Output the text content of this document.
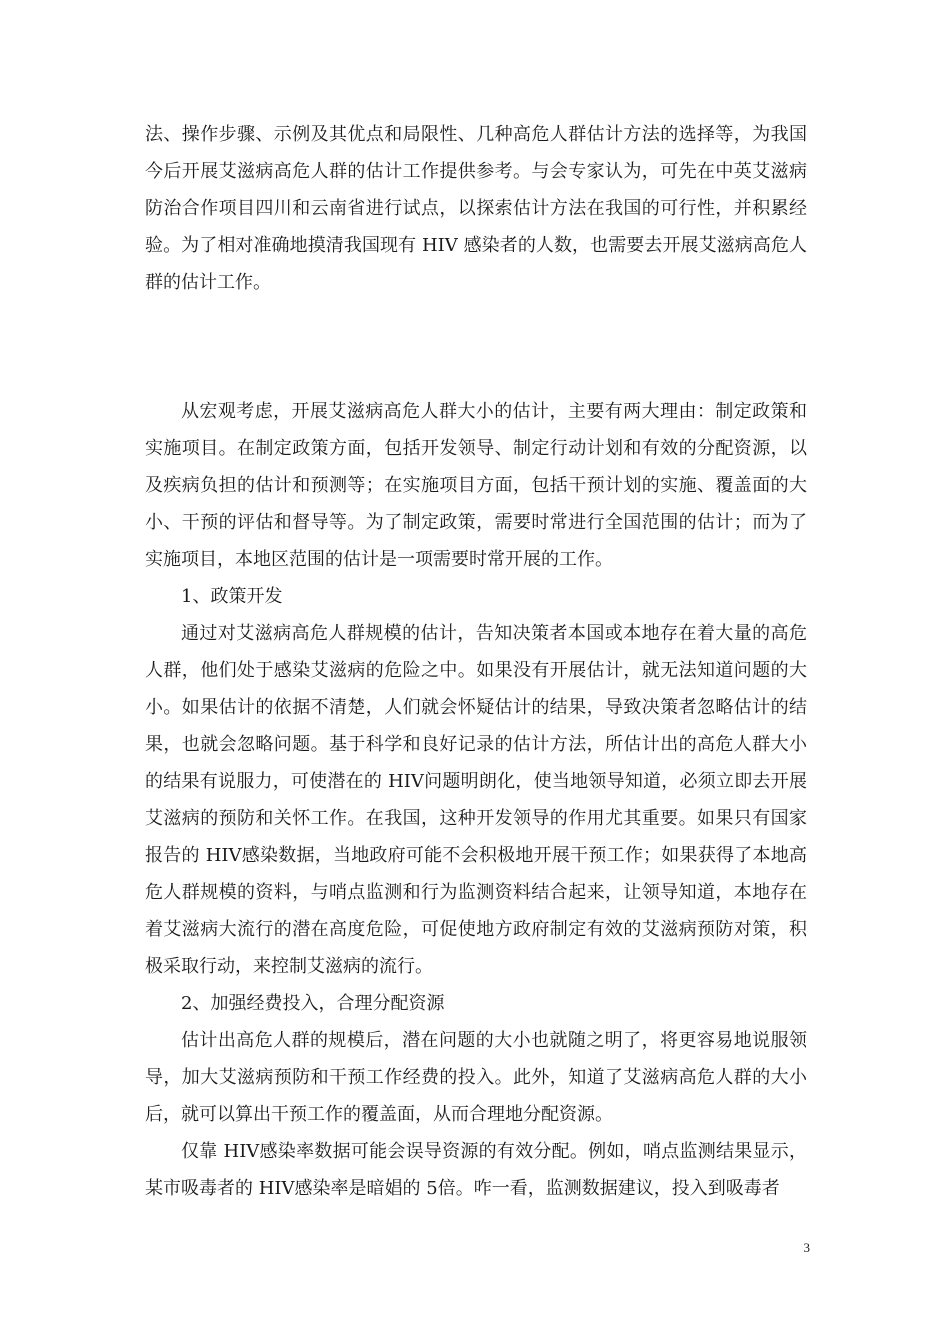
法、操作步骤、示例及其优点和局限性、几种高危人群估计方法的选择等，为我国今后开展艾滋病高危人群的估计工作提供参考。与会专家认为，可先在中英艾滋病防治合作项目四川和云南省进行试点，以探索估计方法在我国的可行性，并积累经验。为了相对准确地摸清我国现有 HIV 感染者的人数，也需要去开展艾滋病高危人群的估计工作。

从宏观考虑，开展艾滋病高危人群大小的估计，主要有两大理由：制定政策和实施项目。在制定政策方面，包括开发领导、制定行动计划和有效的分配资源，以及疾病负担的估计和预测等；在实施项目方面，包括干预计划的实施、覆盖面的大小、干预的评估和督导等。为了制定政策，需要时常进行全国范围的估计；而为了实施项目，本地区范围的估计是一项需要时常开展的工作。

1、政策开发

通过对艾滋病高危人群规模的估计，告知决策者本国或本地存在着大量的高危人群，他们处于感染艾滋病的危险之中。如果没有开展估计，就无法知道问题的大小。如果估计的依据不清楚，人们就会怀疑估计的结果，导致决策者忽略估计的结果，也就会忽略问题。基于科学和良好记录的估计方法，所估计出的高危人群大小的结果有说服力，可使潜在的 HIV问题明朗化，使当地领导知道，必须立即去开展艾滋病的预防和关怀工作。在我国，这种开发领导的作用尤其重要。如果只有国家报告的 HIV感染数据，当地政府可能不会积极地开展干预工作；如果获得了本地高危人群规模的资料，与哨点监测和行为监测资料结合起来，让领导知道，本地存在着艾滋病大流行的潜在高度危险，可促使地方政府制定有效的艾滋病预防对策，积极采取行动，来控制艾滋病的流行。

2、加强经费投入，合理分配资源

估计出高危人群的规模后，潜在问题的大小也就随之明了，将更容易地说服领导，加大艾滋病预防和干预工作经费的投入。此外，知道了艾滋病高危人群的大小后，就可以算出干预工作的覆盖面，从而合理地分配资源。

仅靠 HIV感染率数据可能会误导资源的有效分配。例如，哨点监测结果显示，某市吸毒者的 HIV感染率是暗娼的 5倍。咋一看，监测数据建议，投入到吸毒者

3
